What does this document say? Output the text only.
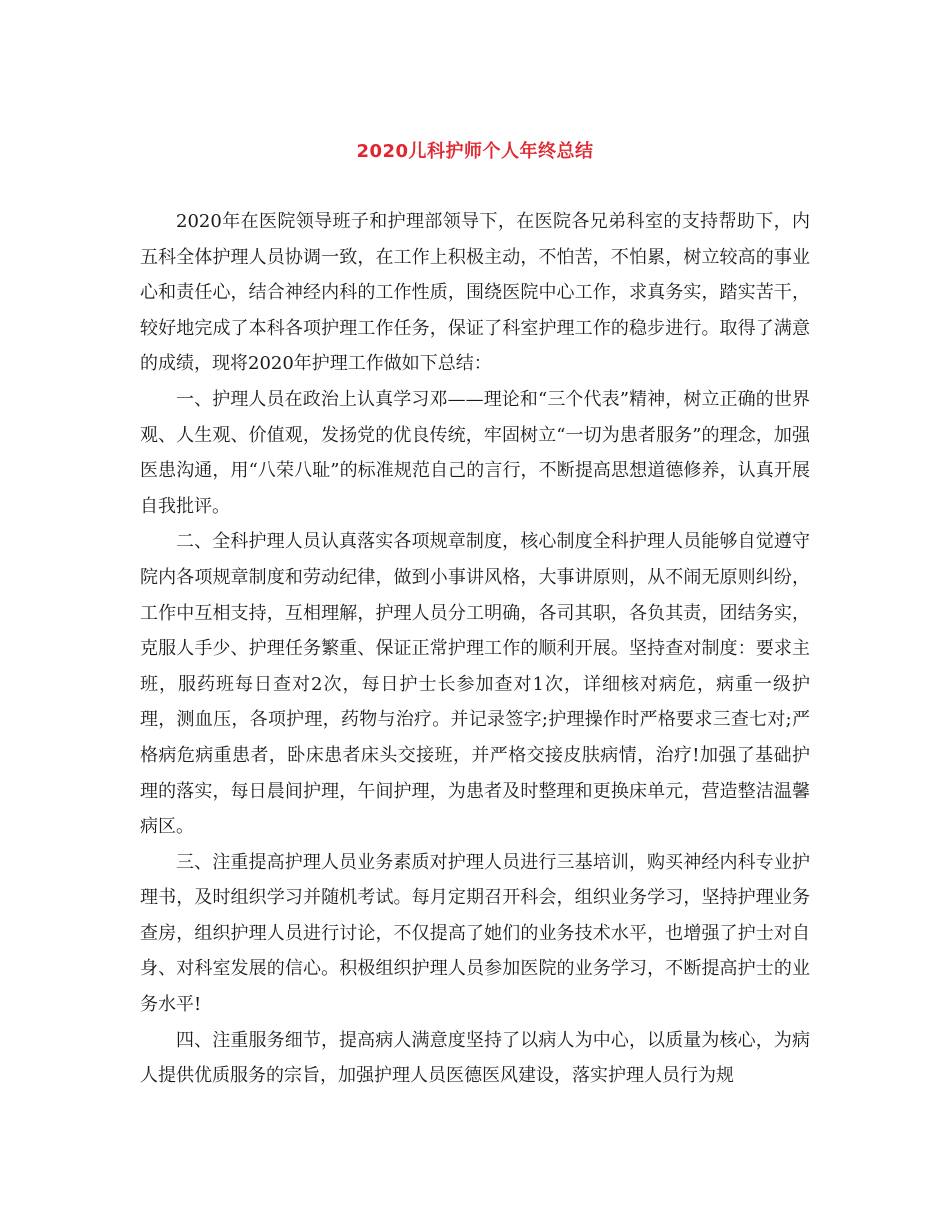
2020儿科护师个人年终总结

2020年在医院领导班子和护理部领导下，在医院各兄弟科室的支持帮助下，内五科全体护理人员协调一致，在工作上积极主动，不怕苦，不怕累，树立较高的事业心和责任心，结合神经内科的工作性质，围绕医院中心工作，求真务实，踏实苦干，较好地完成了本科各项护理工作任务，保证了科室护理工作的稳步进行。取得了满意的成绩，现将2020年护理工作做如下总结：

一、护理人员在政治上认真学习邓——理论和“三个代表”精神，树立正确的世界观、人生观、价值观，发扬党的优良传统，牢固树立“一切为患者服务”的理念，加强医患沟通，用“八荣八耻”的标准规范自己的言行，不断提高思想道德修养，认真开展自我批评。

二、全科护理人员认真落实各项规章制度，核心制度全科护理人员能够自觉遵守院内各项规章制度和劳动纪律，做到小事讲风格，大事讲原则，从不闹无原则纠纷，工作中互相支持，互相理解，护理人员分工明确，各司其职，各负其责，团结务实，克服人手少、护理任务繁重、保证正常护理工作的顺利开展。坚持查对制度：要求主班，服药班每日查对2次，每日护士长参加查对1次，详细核对病危，病重一级护理，测血压，各项护理，药物与治疗。并记录签字;护理操作时严格要求三查七对;严格病危病重患者，卧床患者床头交接班，并严格交接皮肤病情，治疗!加强了基础护理的落实，每日晨间护理，午间护理，为患者及时整理和更换床单元，营造整洁温馨病区。

三、注重提高护理人员业务素质对护理人员进行三基培训，购买神经内科专业护理书，及时组织学习并随机考试。每月定期召开科会，组织业务学习，坚持护理业务查房，组织护理人员进行讨论，不仅提高了她们的业务技术水平，也增强了护士对自身、对科室发展的信心。积极组织护理人员参加医院的业务学习，不断提高护士的业务水平!

四、注重服务细节，提高病人满意度坚持了以病人为中心，以质量为核心，为病人提供优质服务的宗旨，加强护理人员医德医风建设，落实护理人员行为规
